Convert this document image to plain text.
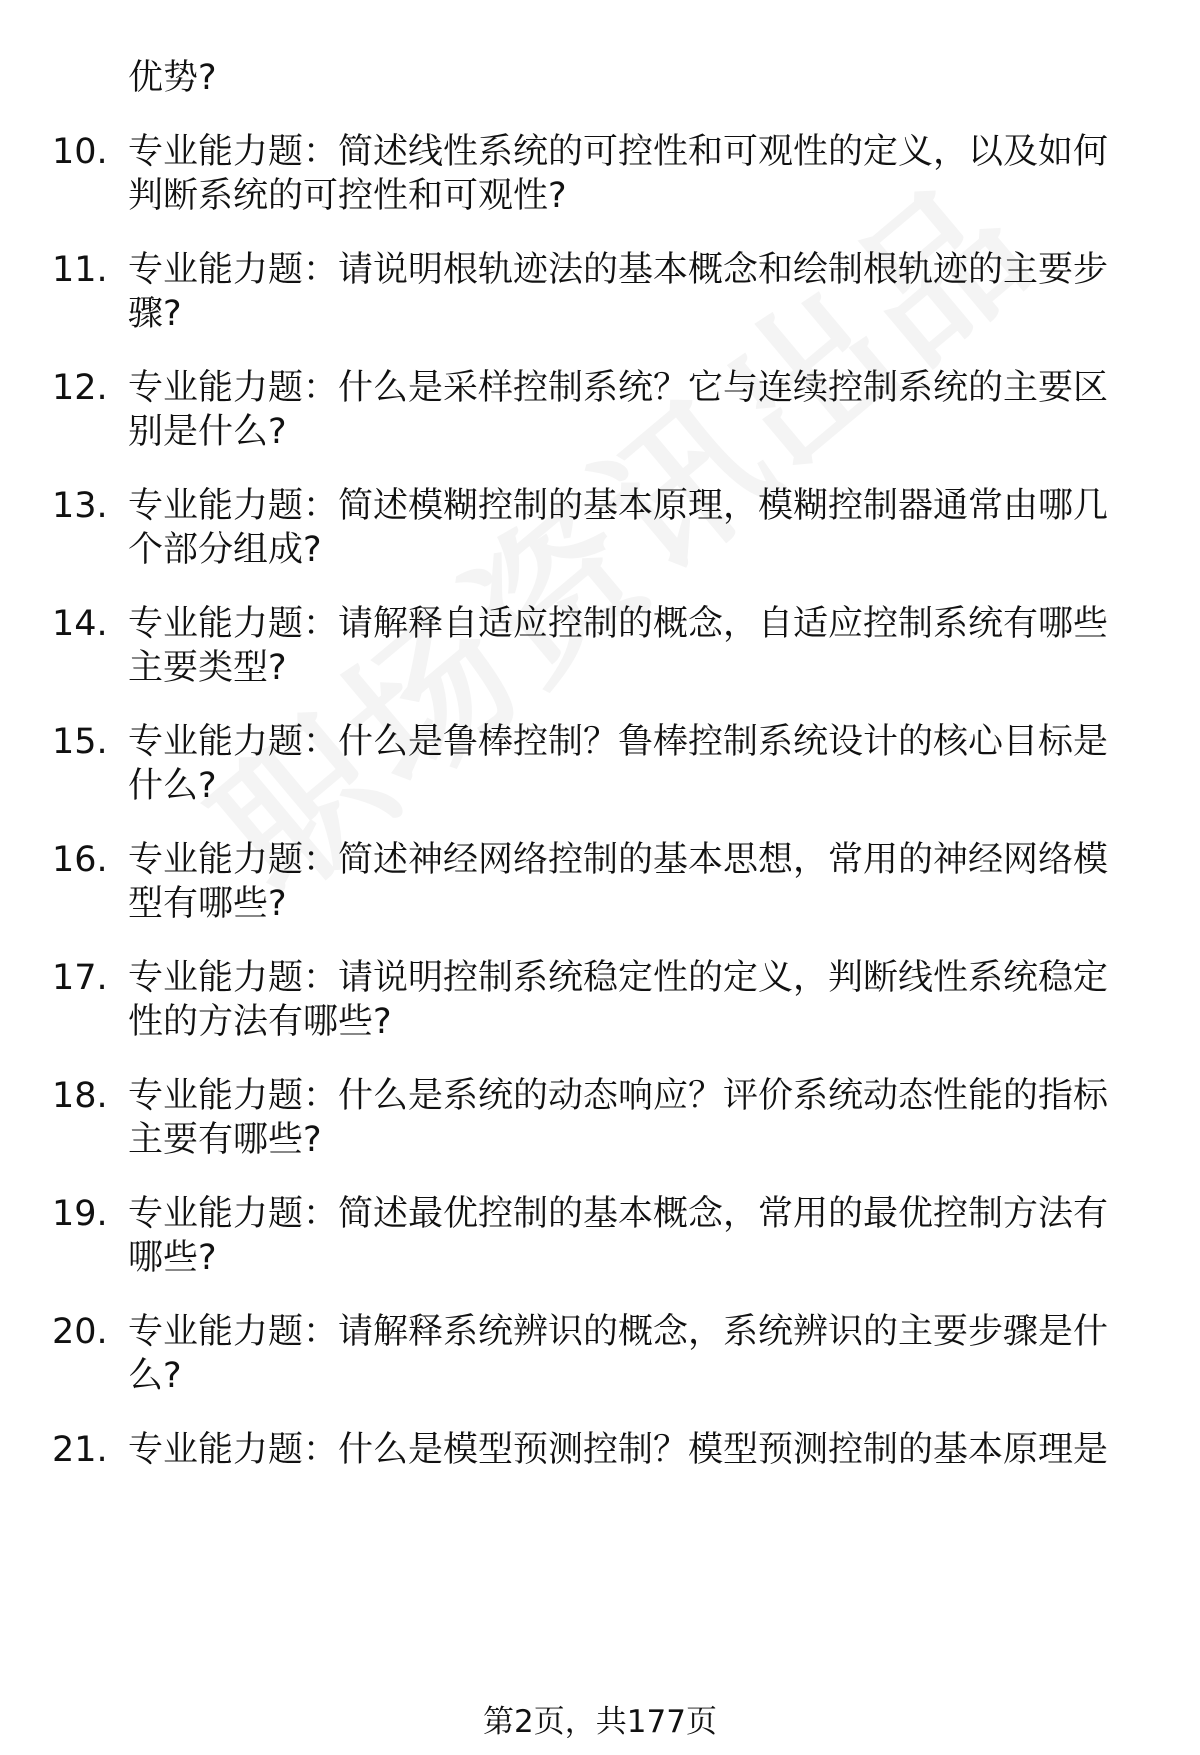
优势?
10. 专业能力题：简述线性系统的可控性和可观性的定义，以及如何
判断系统的可控性和可观性?
11. 专业能力题：请说明根轨迹法的基本概念和绘制根轨迹的主要步
骤?
12. 专业能力题：什么是采样控制系统？它与连续控制系统的主要区
别是什么?
13. 专业能力题：简述模糊控制的基本原理，模糊控制器通常由哪几
个部分组成?
14. 专业能力题：请解释自适应控制的概念，自适应控制系统有哪些
主要类型?
15. 专业能力题：什么是鲁棒控制？鲁棒控制系统设计的核心目标是
什么?
16. 专业能力题：简述神经网络控制的基本思想，常用的神经网络模
型有哪些?
17. 专业能力题：请说明控制系统稳定性的定义，判断线性系统稳定
性的方法有哪些?
18. 专业能力题：什么是系统的动态响应？评价系统动态性能的指标
主要有哪些?
19. 专业能力题：简述最优控制的基本概念，常用的最优控制方法有
哪些?
20. 专业能力题：请解释系统辨识的概念，系统辨识的主要步骤是什
么?
21. 专业能力题：什么是模型预测控制？模型预测控制的基本原理是
第2页，共177页
